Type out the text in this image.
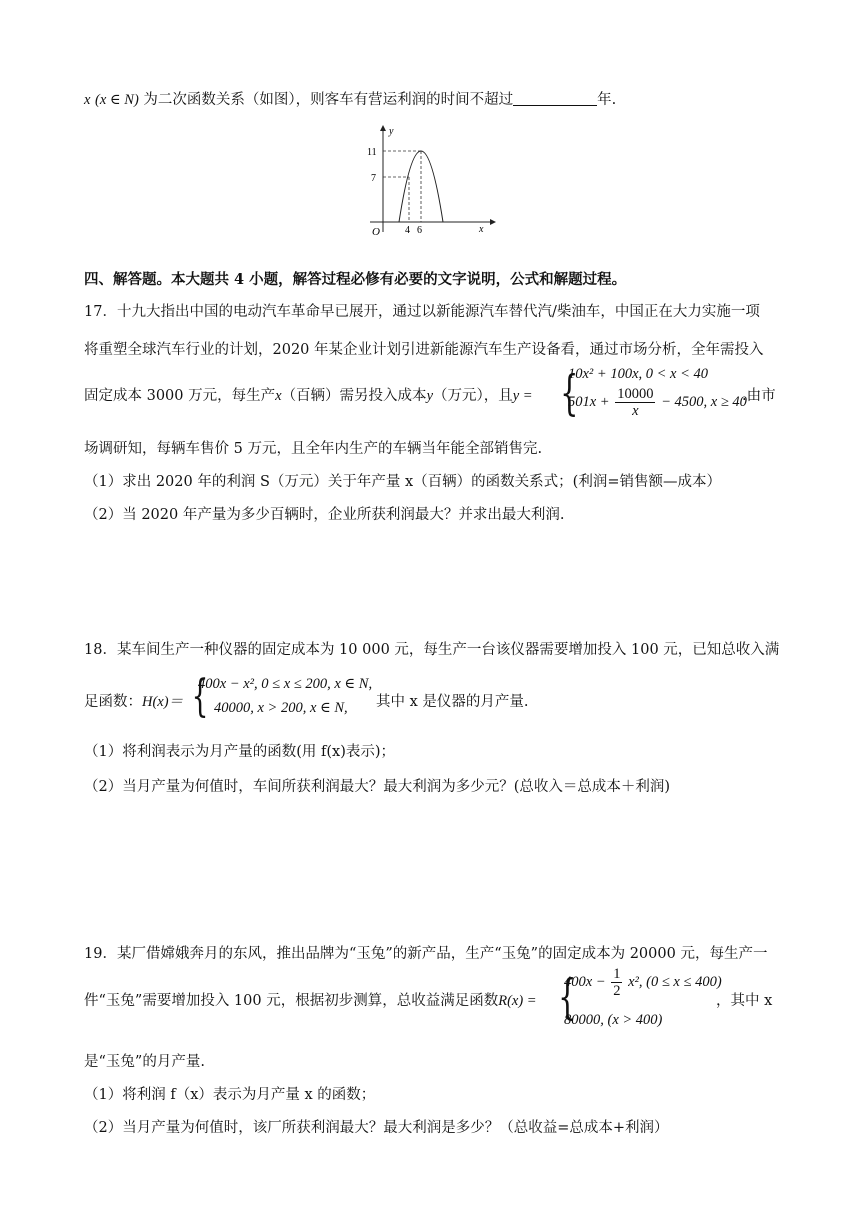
x (x ∈ N) 为二次函数关系（如图），则客车有营运利润的时间不超过	年.
y
x
O
11
7
4 6
四、解答题。本大题共 4 小题，解答过程必修有必要的文字说明，公式和解题过程。
17．十九大指出中国的电动汽车革命早已展开，通过以新能源汽车替代汽/柴油车，中国正在大力实施一项
将重塑全球汽车行业的计划，2020 年某企业计划引进新能源汽车生产设备看，通过市场分析，全年需投入
固定成本 3000 万元，每生产x（百辆）需另投入成本y（万元），且y = {
10x² + 100x, 0 < x < 40
$501x + \frac{10000}{x} - 4500$, x ≥ 40
.由市
场调研知，每辆车售价 5 万元，且全年内生产的车辆当年能全部销售完.
（1）求出 2020 年的利润 S（万元）关于年产量 x（百辆）的函数关系式；(利润=销售额—成本）
（2）当 2020 年产量为多少百辆时，企业所获利润最大？并求出最大利润.
18．某车间生产一种仪器的固定成本为 10 000 元，每生产一台该仪器需要增加投入 100 元，已知总收入满
足函数：H(x)＝ {
400x − x², 0 ≤ x ≤ 200, x ∈ N,
40000, x > 200, x ∈ N, 其中 x 是仪器的月产量.
（1）将利润表示为月产量的函数(用 f(x)表示)；
（2）当月产量为何值时，车间所获利润最大？最大利润为多少元？(总收入＝总成本＋利润)
19．某厂借嫦娥奔月的东风，推出品牌为“玉兔”的新产品，生产“玉兔”的固定成本为 20000 元，每生产一
件“玉兔”需要增加投入 100 元，根据初步测算，总收益满足函数R(x) = {
$400x - \frac{1}{2} x^2$, (0 ≤ x ≤ 400)
80000, (x > 400)
，其中 x
是“玉兔”的月产量.
（1）将利润 f（x）表示为月产量 x 的函数；
（2）当月产量为何值时，该厂所获利润最大？最大利润是多少？（总收益=总成本+利润）
